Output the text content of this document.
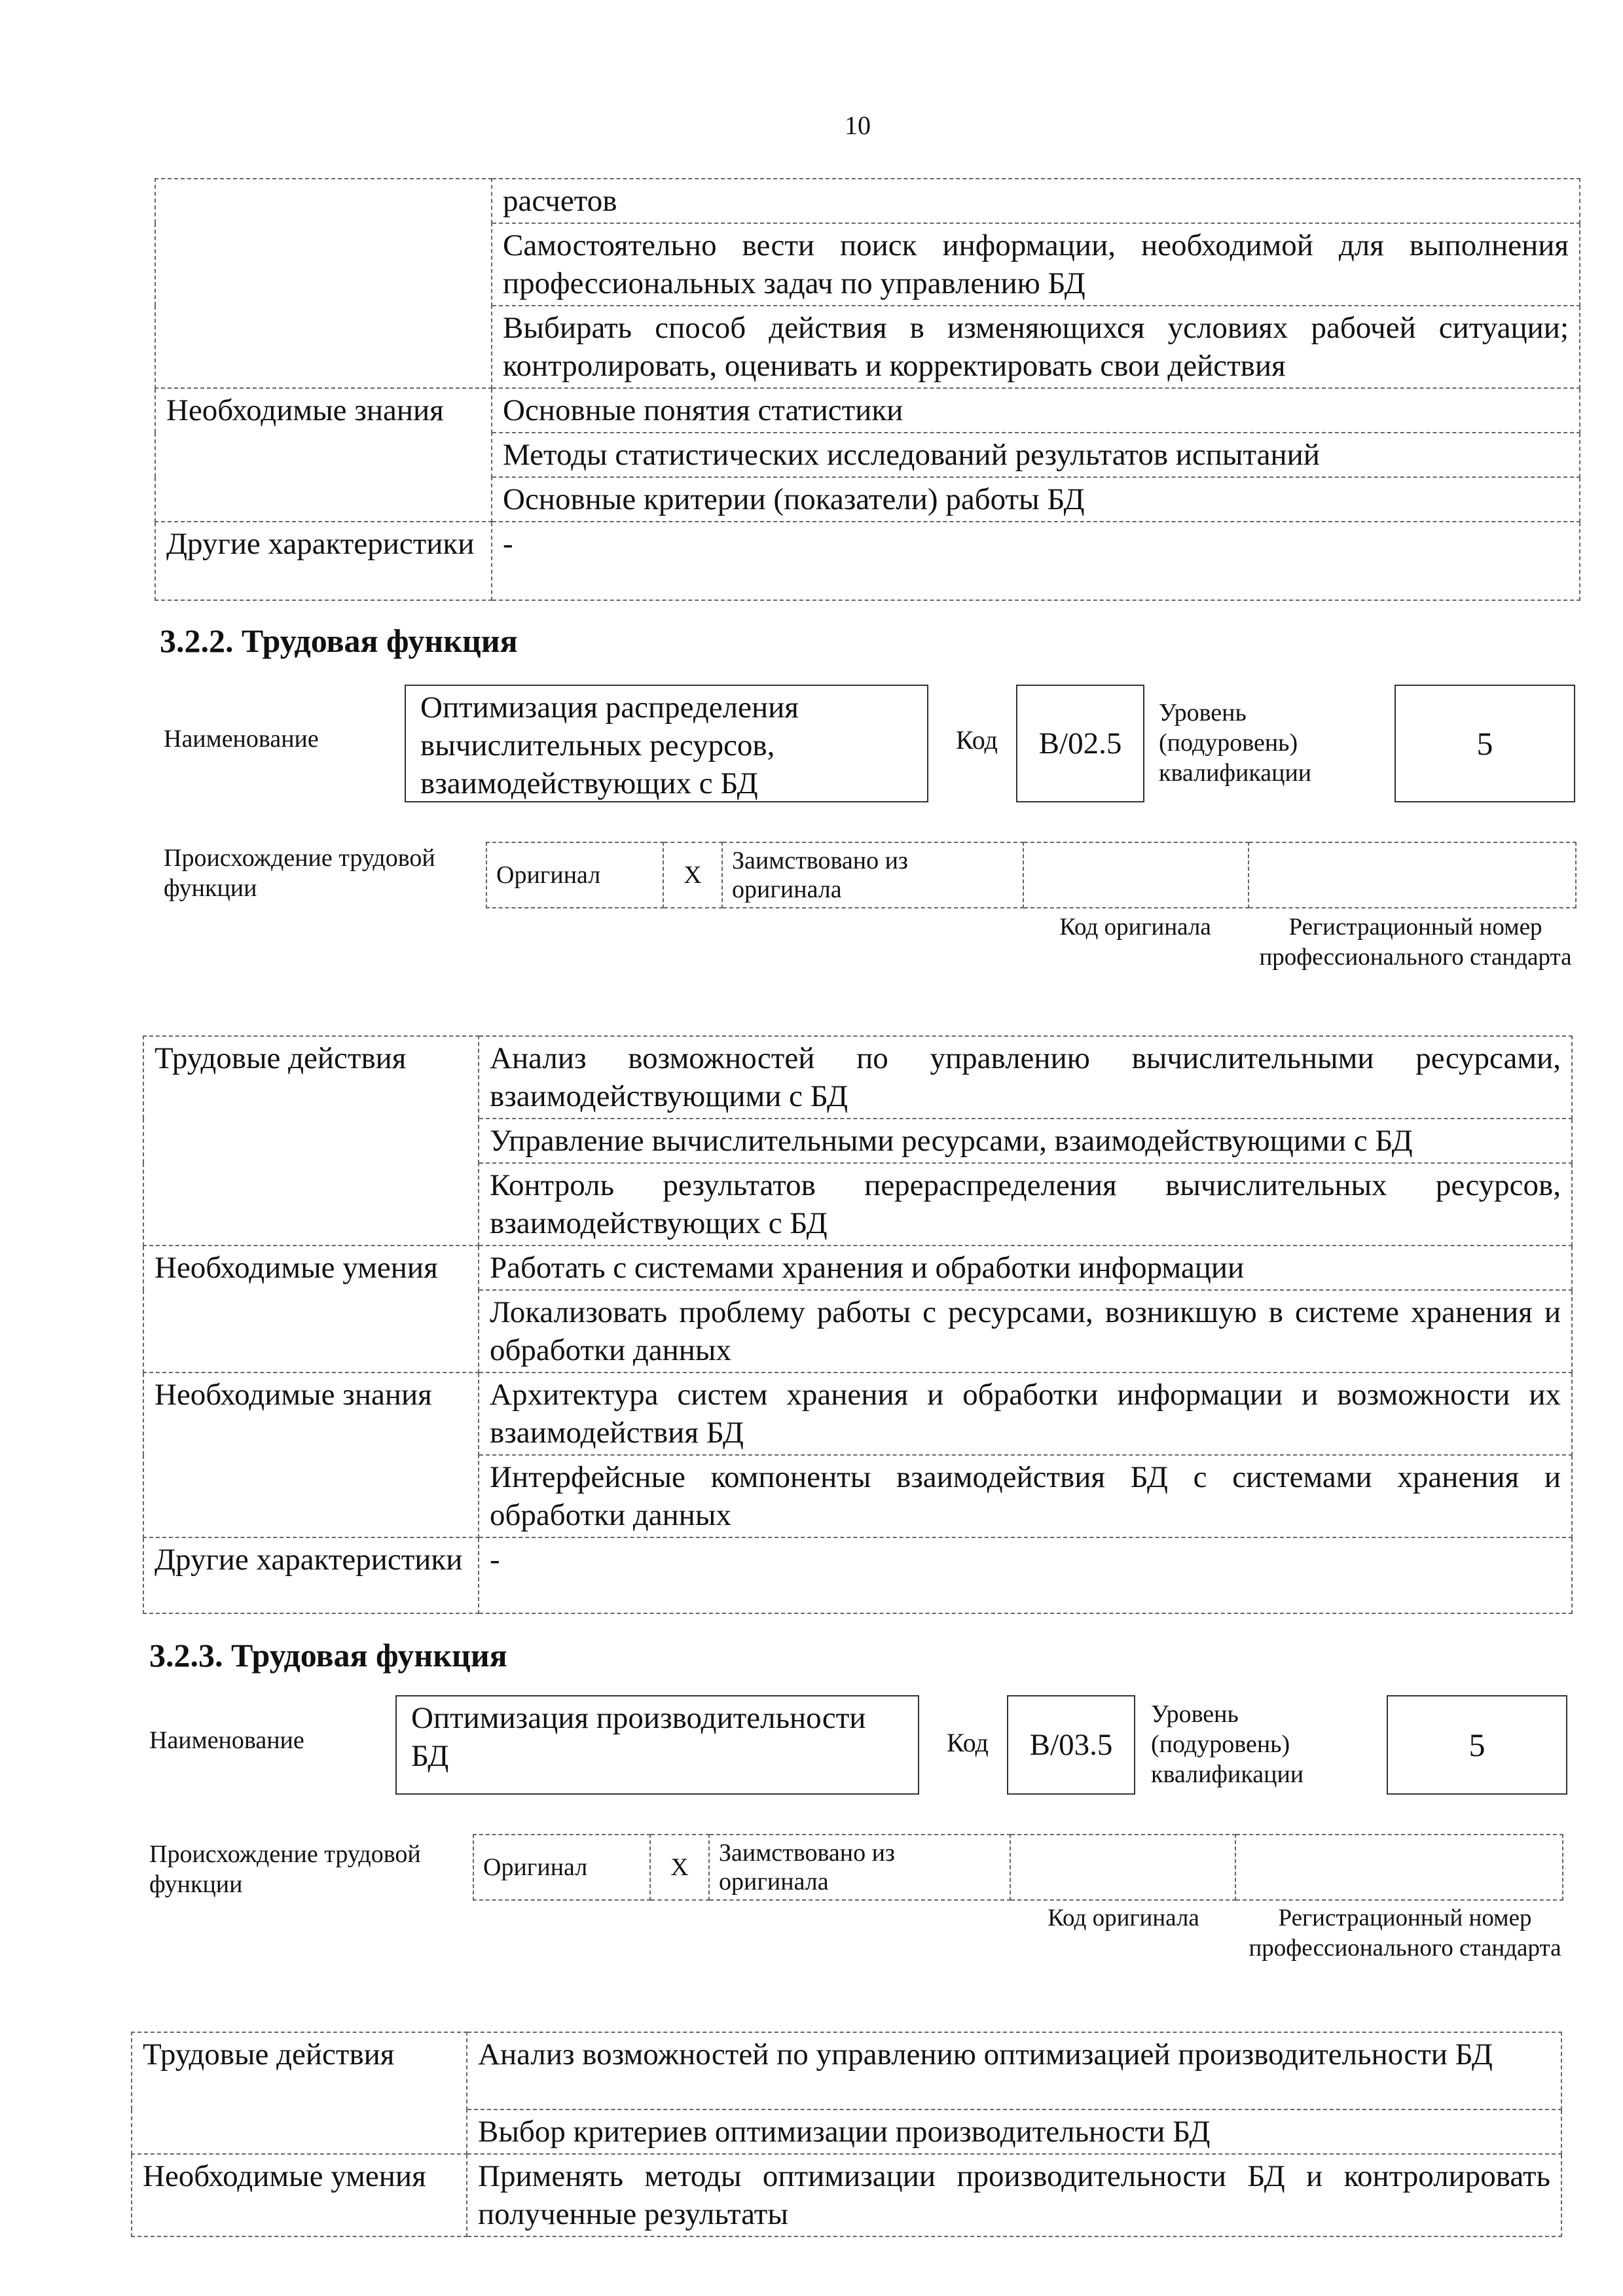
10
	расчетов
	Самостоятельно вести поиск информации, необходимой для выполнения профессиональных задач по управлению БД
	Выбирать способ действия в изменяющихся условиях рабочей ситуации; контролировать, оценивать и корректировать свои действия
Необходимые знания	Основные понятия статистики
	Методы статистических исследований результатов испытаний
	Основные критерии (показатели) работы БД
Другие характеристики	-
3.2.2. Трудовая функция
Наименование
Оптимизация распределения вычислительных ресурсов, взаимодействующих с БД
Код	B/02.5
Уровень (подуровень) квалификации
5
Происхождение трудовой функции	Оригинал	X	Заимствовано из оригинала		
Код оригинала	Регистрационный номер профессионального стандарта
Трудовые действия	Анализ возможностей по управлению вычислительными ресурсами, взаимодействующими с БД
	Управление вычислительными ресурсами, взаимодействующими с БД
	Контроль результатов перераспределения вычислительных ресурсов, взаимодействующих с БД
Необходимые умения	Работать с системами хранения и обработки информации
	Локализовать проблему работы с ресурсами, возникшую в системе хранения и обработки данных
Необходимые знания	Архитектура систем хранения и обработки информации и возможности их взаимодействия БД
	Интерфейсные компоненты взаимодействия БД с системами хранения и обработки данных
Другие характеристики	-
3.2.3. Трудовая функция
Наименование
Оптимизация производительности БД	Код	B/03.5
Уровень (подуровень) квалификации
5
Происхождение трудовой функции
Оригинал	X	Заимствовано из оригинала		
Код оригинала	Регистрационный номер профессионального стандарта
Трудовые действия	Анализ возможностей по управлению оптимизацией производительности БД
	Выбор критериев оптимизации производительности БД
Необходимые умения	Применять методы оптимизации производительности БД и контролировать полученные результаты
